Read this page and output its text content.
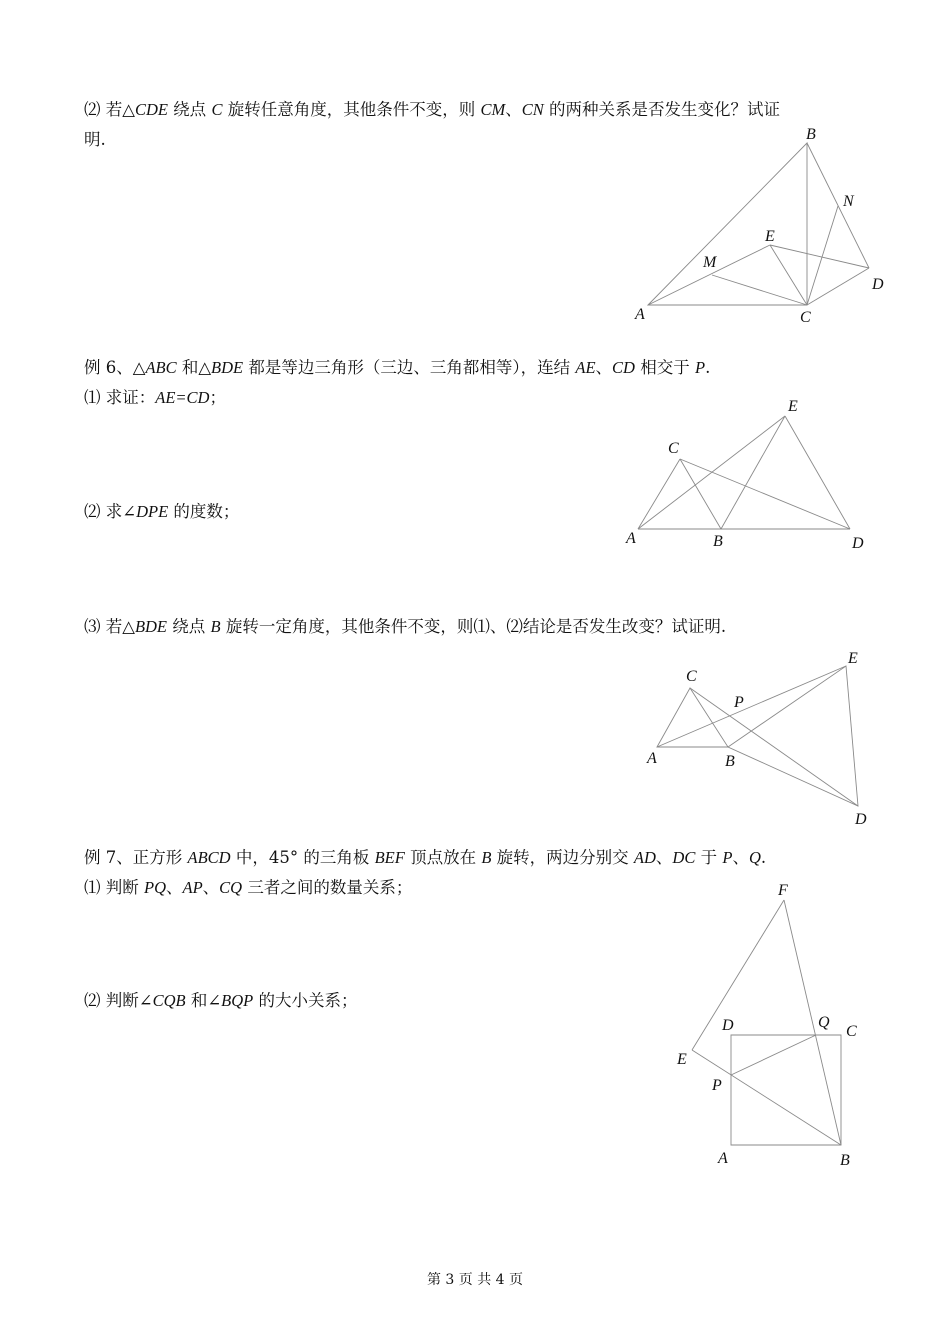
⑵ 若△CDE 绕点 C 旋转任意角度，其他条件不变，则 CM、CN 的两种关系是否发生变化？试证
明.	B
N
E
M
D
A	C
E
C
A	B	D
C
E
P
A	B
D
F
D	Q
C
E
P
A	B
例 6、△ABC 和△BDE 都是等边三角形（三边、三角都相等），连结 AE、CD 相交于 P.
⑴ 求证：AE=CD；
⑵ 求∠DPE 的度数；
⑶ 若△BDE 绕点 B 旋转一定角度，其他条件不变，则⑴、⑵结论是否发生改变？试证明.
例 7、正方形 ABCD 中，45° 的三角板 BEF 顶点放在 B 旋转，两边分别交 AD、DC 于 P、Q.
⑴ 判断 PQ、AP、CQ 三者之间的数量关系；
⑵ 判断∠CQB 和∠BQP 的大小关系；
第 3 页 共 4 页
